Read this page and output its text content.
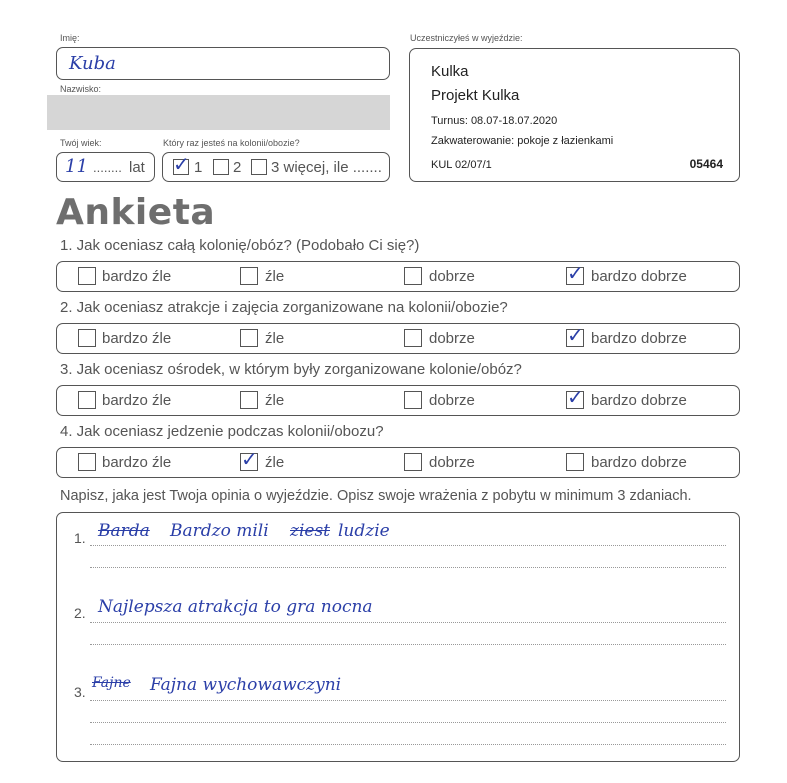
Imię:
Kuba
Nazwisko:
Twój wiek:
11 ........ lat
Który raz jesteś na kolonii/obozie?
✓ 1 2 3 więcej, ile .......
Uczestniczyłeś w wyjeździe:
Kulka
Projekt Kulka
Turnus: 08.07-18.07.2020
Zakwaterowanie: pokoje z łazienkami
KUL 02/07/1	05464
Ankieta
1. Jak oceniasz całą kolonię/obóz? (Podobało Ci się?)
bardzo źle	źle	dobrze	✓ bardzo dobrze
2. Jak oceniasz atrakcje i zajęcia zorganizowane na kolonii/obozie?
bardzo źle	źle	dobrze	✓ bardzo dobrze
3. Jak oceniasz ośrodek, w którym były zorganizowane kolonie/obóz?
bardzo źle	źle	dobrze	✓ bardzo dobrze
4. Jak oceniasz jedzenie podczas kolonii/obozu?
bardzo źle	✓ źle	dobrze	bardzo dobrze
Napisz, jaka jest Twoja opinia o wyjeździe. Opisz swoje wrażenia z pobytu w minimum 3 zdaniach.
1. Barda Bardzo mili ziest ludzie
2. Najlepsza atrakcja to gra nocna
3.
Fajne Fajna wychowawczyni
